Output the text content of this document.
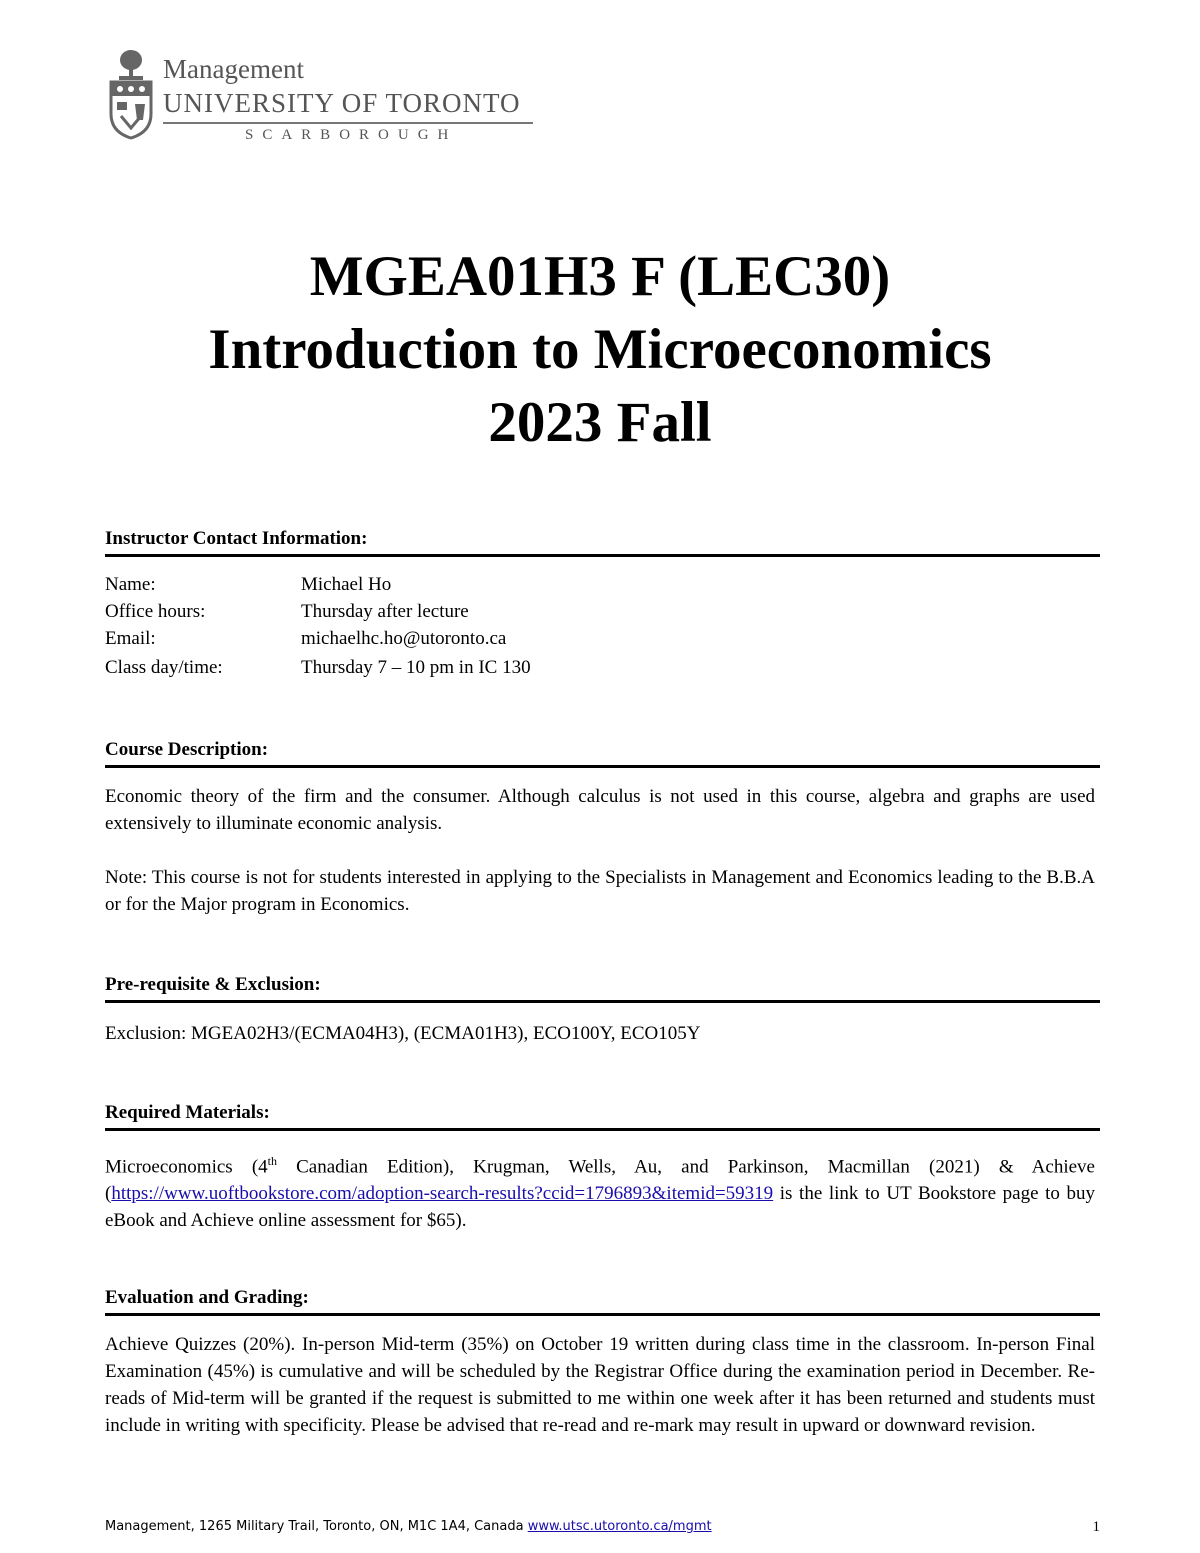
Management
UNIVERSITY OF TORONTO
SCARBOROUGH
MGEA01H3 F (LEC30)
Introduction to Microeconomics
2023 Fall
Instructor Contact Information:
Name:	Michael Ho
Office hours:	Thursday after lecture
Email:	michaelhc.ho@utoronto.ca
Class day/time:	Thursday 7 – 10 pm in IC 130
Course Description:
Economic theory of the firm and the consumer. Although calculus is not used in this course, algebra and graphs are used extensively to illuminate economic analysis.
Note: This course is not for students interested in applying to the Specialists in Management and Economics leading to the B.B.A or for the Major program in Economics.
Pre-requisite & Exclusion:
Exclusion: MGEA02H3/(ECMA04H3), (ECMA01H3), ECO100Y, ECO105Y
Required Materials:
Microeconomics (4th Canadian Edition), Krugman, Wells, Au, and Parkinson, Macmillan (2021) & Achieve (https://www.uoftbookstore.com/adoption-search-results?ccid=1796893&itemid=59319 is the link to UT Bookstore page to buy eBook and Achieve online assessment for $65).
Evaluation and Grading:
Achieve Quizzes (20%). In-person Mid-term (35%) on October 19 written during class time in the classroom. In-person Final Examination (45%) is cumulative and will be scheduled by the Registrar Office during the examination period in December. Re-reads of Mid-term will be granted if the request is submitted to me within one week after it has been returned and students must include in writing with specificity. Please be advised that re-read and re-mark may result in upward or downward revision.
Management, 1265 Military Trail, Toronto, ON, M1C 1A4, Canada www.utsc.utoronto.ca/mgmt	1
